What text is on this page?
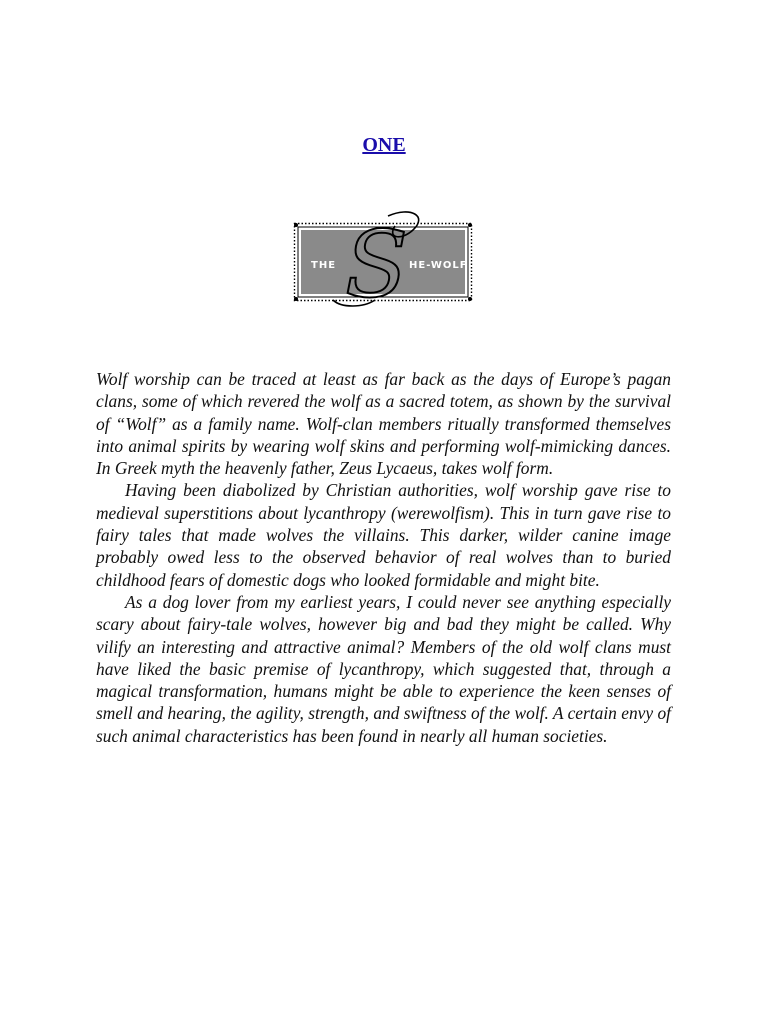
ONE
THE	HE-WOLF
S

Wolf worship can be traced at least as far back as the days of Europe’s pagan clans, some of which revered the wolf as a sacred totem, as shown by the survival of “Wolf” as a family name. Wolf-clan members ritually transformed themselves into animal spirits by wearing wolf skins and performing wolf-mimicking dances. In Greek myth the heavenly father, Zeus Lycaeus, takes wolf form.

Having been diabolized by Christian authorities, wolf worship gave rise to medieval superstitions about lycanthropy (werewolfism). This in turn gave rise to fairy tales that made wolves the villains. This darker, wilder canine image probably owed less to the observed behavior of real wolves than to buried childhood fears of domestic dogs who looked formidable and might bite.

As a dog lover from my earliest years, I could never see anything especially scary about fairy-tale wolves, however big and bad they might be called. Why vilify an interesting and attractive animal? Members of the old wolf clans must have liked the basic premise of lycanthropy, which suggested that, through a magical transformation, humans might be able to experience the keen senses of smell and hearing, the agility, strength, and swiftness of the wolf. A certain envy of such animal characteristics has been found in nearly all human societies.
